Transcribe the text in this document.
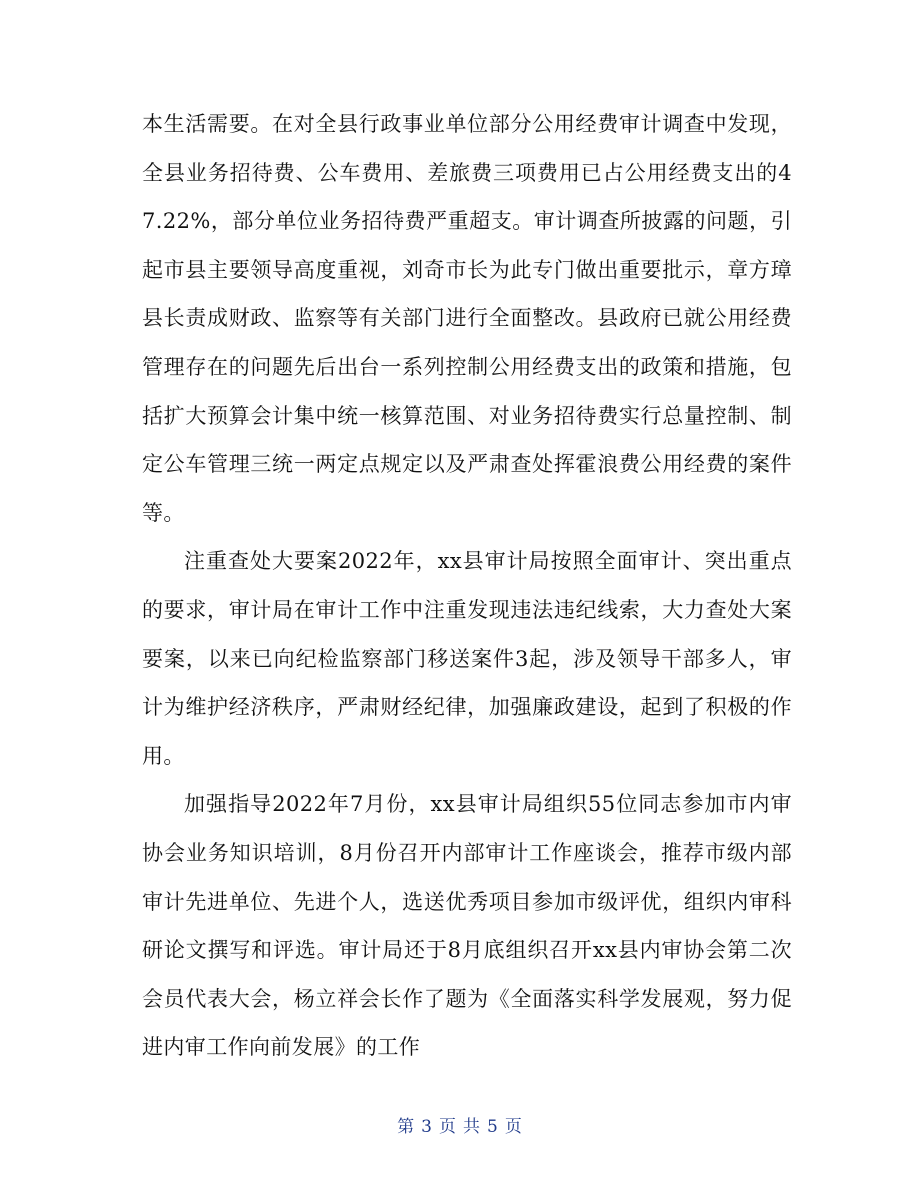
本生活需要。在对全县行政事业单位部分公用经费审计调查中发现，全县业务招待费、公车费用、差旅费三项费用已占公用经费支出的47.22%，部分单位业务招待费严重超支。审计调查所披露的问题，引起市县主要领导高度重视，刘奇市长为此专门做出重要批示，章方璋县长责成财政、监察等有关部门进行全面整改。县政府已就公用经费管理存在的问题先后出台一系列控制公用经费支出的政策和措施，包括扩大预算会计集中统一核算范围、对业务招待费实行总量控制、制定公车管理三统一两定点规定以及严肃查处挥霍浪费公用经费的案件等。

注重查处大要案2022年，xx县审计局按照全面审计、突出重点的要求，审计局在审计工作中注重发现违法违纪线索，大力查处大案要案，以来已向纪检监察部门移送案件3起，涉及领导干部多人，审计为维护经济秩序，严肃财经纪律，加强廉政建设，起到了积极的作用。

加强指导2022年7月份，xx县审计局组织55位同志参加市内审协会业务知识培训，8月份召开内部审计工作座谈会，推荐市级内部审计先进单位、先进个人，选送优秀项目参加市级评优，组织内审科研论文撰写和评选。审计局还于8月底组织召开xx县内审协会第二次会员代表大会，杨立祥会长作了题为《全面落实科学发展观，努力促进内审工作向前发展》的工作

第 3 页 共 5 页
